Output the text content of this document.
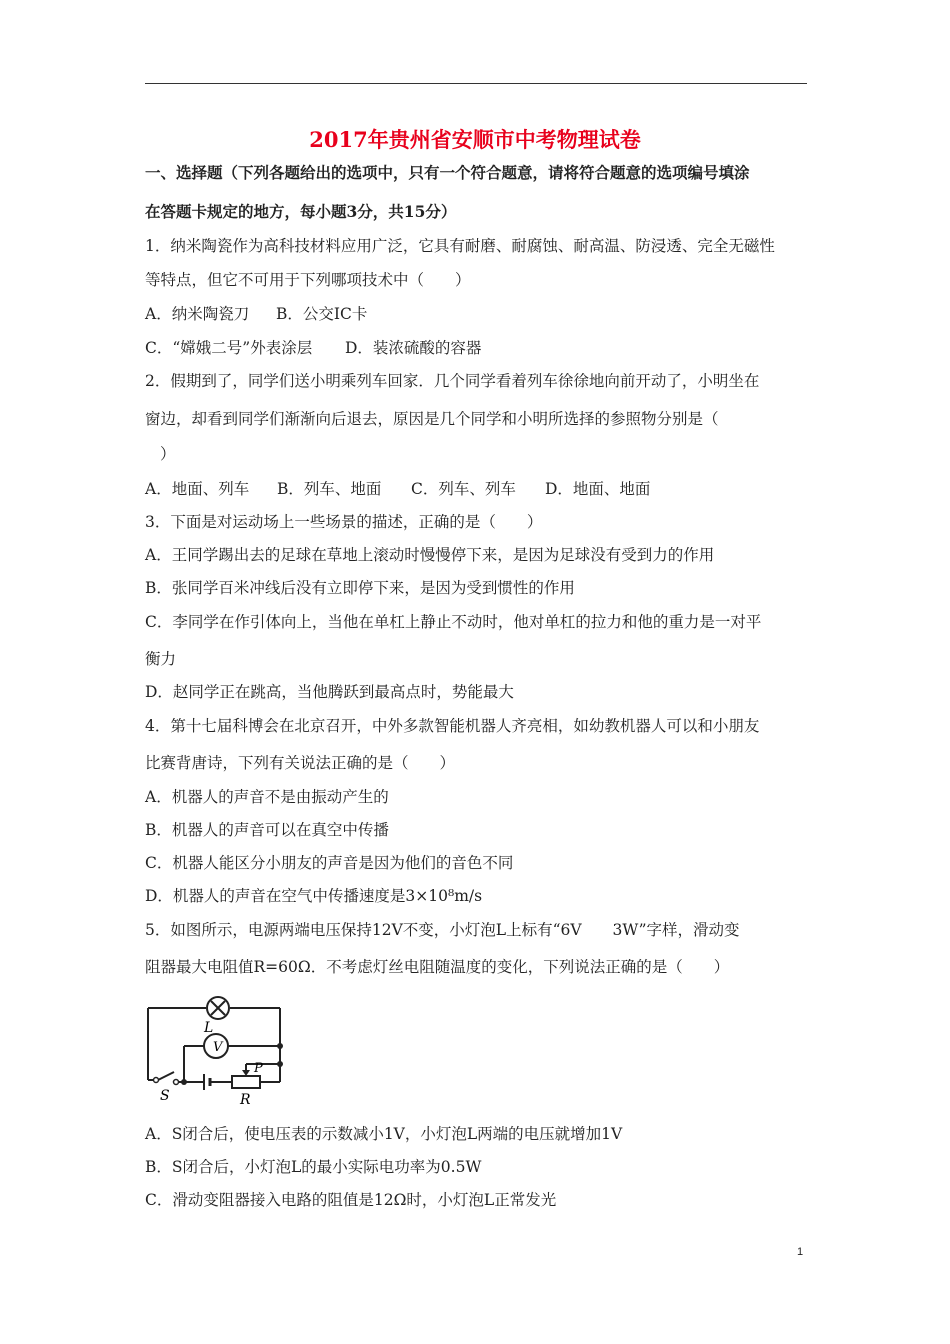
2017年贵州省安顺市中考物理试卷
一、选择题（下列各题给出的选项中，只有一个符合题意，请将符合题意的选项编号填涂
在答题卡规定的地方，每小题3分，共15分）
1．纳米陶瓷作为高科技材料应用广泛，它具有耐磨、耐腐蚀、耐高温、防浸透、完全无磁性
等特点，但它不可用于下列哪项技术中（　　）
A．纳米陶瓷刀 B．公交IC卡
C．“嫦娥二号”外表涂层 D．装浓硫酸的容器
2．假期到了，同学们送小明乘列车回家．几个同学看着列车徐徐地向前开动了，小明坐在
窗边，却看到同学们渐渐向后退去，原因是几个同学和小明所选择的参照物分别是（
）
A．地面、列车 B．列车、地面 C．列车、列车 D．地面、地面
3．下面是对运动场上一些场景的描述，正确的是（　　）
A．王同学踢出去的足球在草地上滚动时慢慢停下来，是因为足球没有受到力的作用
B．张同学百米冲线后没有立即停下来，是因为受到惯性的作用
C．李同学在作引体向上，当他在单杠上静止不动时，他对单杠的拉力和他的重力是一对平
衡力
D．赵同学正在跳高，当他腾跃到最高点时，势能最大
4．第十七届科博会在北京召开，中外多款智能机器人齐亮相，如幼教机器人可以和小朋友
比赛背唐诗，下列有关说法正确的是（　　）
A．机器人的声音不是由振动产生的
B．机器人的声音可以在真空中传播
C．机器人能区分小朋友的声音是因为他们的音色不同
D．机器人的声音在空气中传播速度是3×10⁸m/s
5．如图所示，电源两端电压保持12V不变，小灯泡L上标有“6V　　3W”字样，滑动变
阻器最大电阻值R=60Ω．不考虑灯丝电阻随温度的变化，下列说法正确的是（　　）
V
L
P
S	R
A．S闭合后，使电压表的示数减小1V，小灯泡L两端的电压就增加1V
B．S闭合后，小灯泡L的最小实际电功率为0.5W
C．滑动变阻器接入电路的阻值是12Ω时，小灯泡L正常发光
1
